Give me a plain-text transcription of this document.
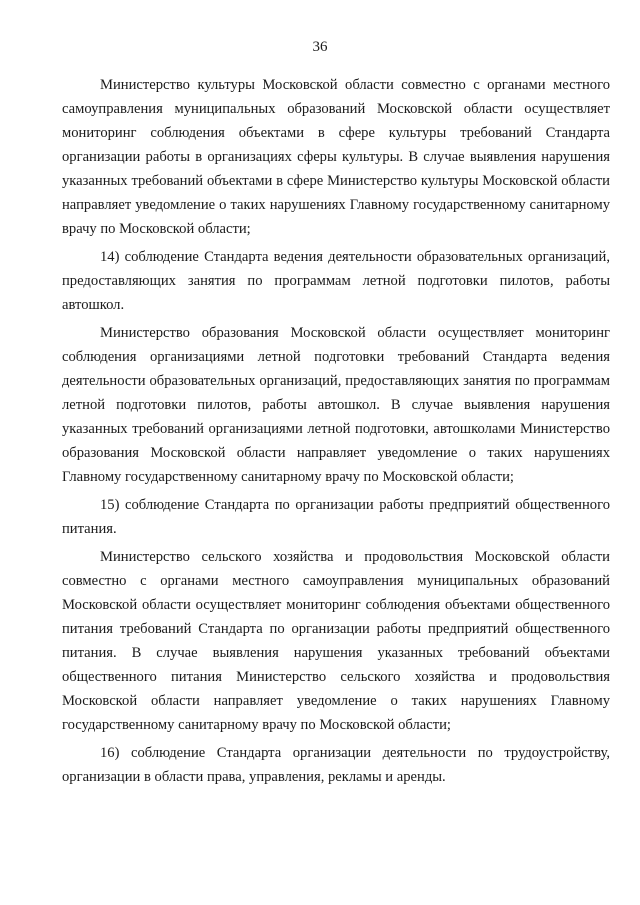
36

Министерство культуры Московской области совместно с органами местного самоуправления муниципальных образований Московской области осуществляет мониторинг соблюдения объектами в сфере культуры требований Стандарта организации работы в организациях сферы культуры. В случае выявления нарушения указанных требований объектами в сфере Министерство культуры Московской области направляет уведомление о таких нарушениях Главному государственному санитарному врачу по Московской области;

14) соблюдение Стандарта ведения деятельности образовательных организаций, предоставляющих занятия по программам летной подготовки пилотов, работы автошкол.

Министерство образования Московской области осуществляет мониторинг соблюдения организациями летной подготовки требований Стандарта ведения деятельности образовательных организаций, предоставляющих занятия по программам летной подготовки пилотов, работы автошкол. В случае выявления нарушения указанных требований организациями летной подготовки, автошколами Министерство образования Московской области направляет уведомление о таких нарушениях Главному государственному санитарному врачу по Московской области;

15) соблюдение Стандарта по организации работы предприятий общественного питания.

Министерство сельского хозяйства и продовольствия Московской области совместно с органами местного самоуправления муниципальных образований Московской области осуществляет мониторинг соблюдения объектами общественного питания требований Стандарта по организации работы предприятий общественного питания. В случае выявления нарушения указанных требований объектами общественного питания Министерство сельского хозяйства и продовольствия Московской области направляет уведомление о таких нарушениях Главному государственному санитарному врачу по Московской области;

16) соблюдение Стандарта организации деятельности по трудоустройству, организации в области права, управления, рекламы и аренды.
